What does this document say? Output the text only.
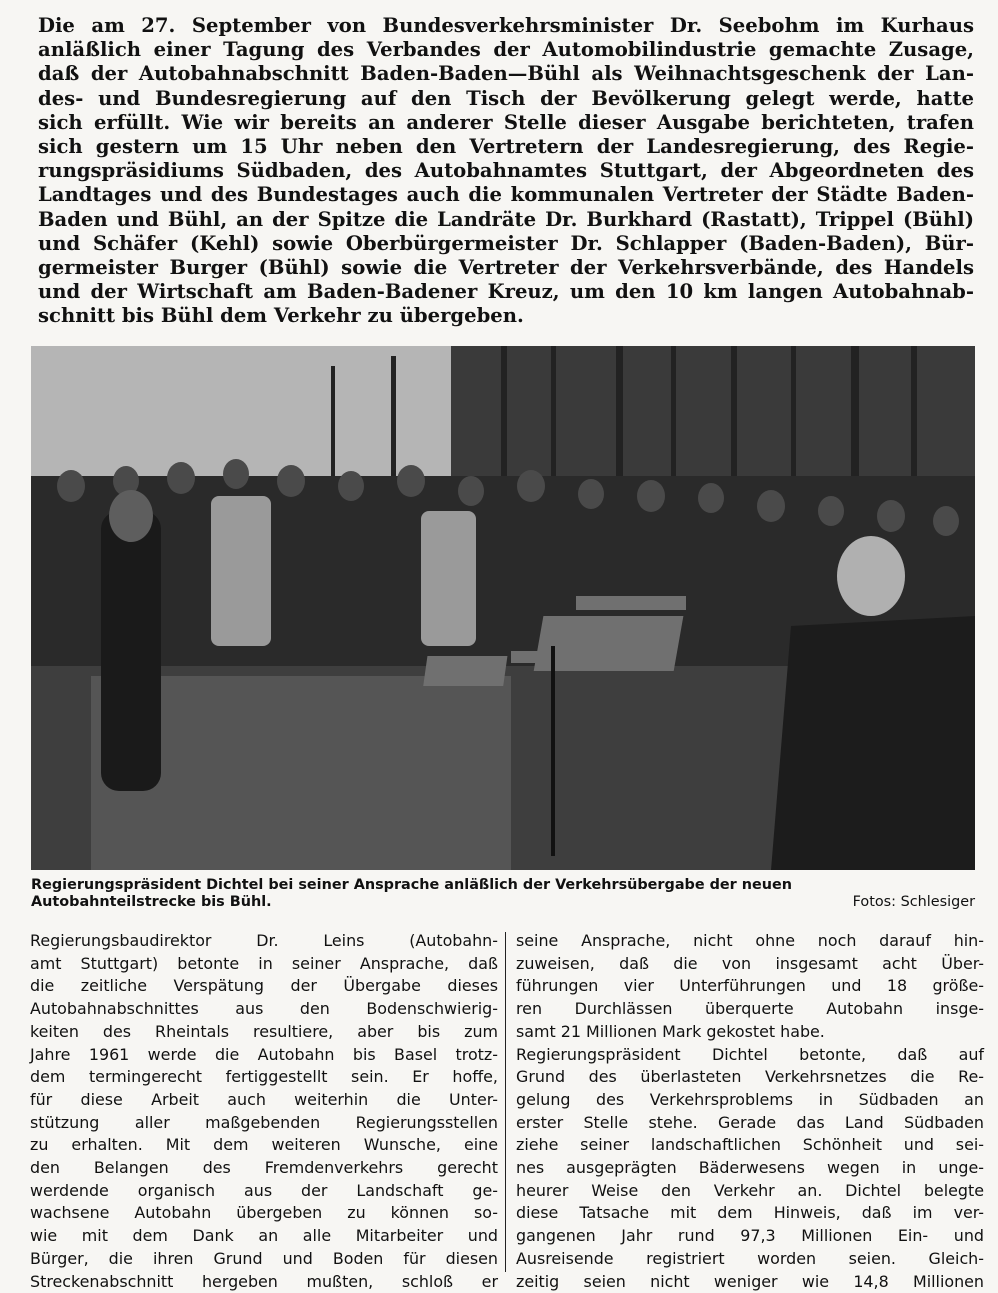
Die am 27. September von Bundesverkehrsminister Dr. Seebohm im Kurhaus
anläßlich einer Tagung des Verbandes der Automobilindustrie gemachte Zusage,
daß der Autobahnabschnitt Baden-Baden—Bühl als Weihnachtsgeschenk der Lan-
des- und Bundesregierung auf den Tisch der Bevölkerung gelegt werde, hatte
sich erfüllt. Wie wir bereits an anderer Stelle dieser Ausgabe berichteten, trafen
sich gestern um 15 Uhr neben den Vertretern der Landesregierung, des Regie-
rungspräsidiums Südbaden, des Autobahnamtes Stuttgart, der Abgeordneten des
Landtages und des Bundestages auch die kommunalen Vertreter der Städte Baden-
Baden und Bühl, an der Spitze die Landräte Dr. Burkhard (Rastatt), Trippel (Bühl)
und Schäfer (Kehl) sowie Oberbürgermeister Dr. Schlapper (Baden-Baden), Bür-
germeister Burger (Bühl) sowie die Vertreter der Verkehrsverbände, des Handels
und der Wirtschaft am Baden-Badener Kreuz, um den 10 km langen Autobahnab-
schnitt bis Bühl dem Verkehr zu übergeben.
Regierungspräsident Dichtel bei seiner Ansprache anläßlich der Verkehrsübergabe der neuen
Autobahnteilstrecke bis Bühl.	Fotos: Schlesiger
Regierungsbaudirektor Dr. Leins (Autobahn-
amt Stuttgart) betonte in seiner Ansprache, daß
die zeitliche Verspätung der Übergabe dieses
Autobahnabschnittes aus den Bodenschwierig-
keiten des Rheintals resultiere, aber bis zum
Jahre 1961 werde die Autobahn bis Basel trotz-
dem termingerecht fertiggestellt sein. Er hoffe,
für diese Arbeit auch weiterhin die Unter-
stützung aller maßgebenden Regierungsstellen
zu erhalten. Mit dem weiteren Wunsche, eine
den Belangen des Fremdenverkehrs gerecht
werdende organisch aus der Landschaft ge-
wachsene Autobahn übergeben zu können so-
wie mit dem Dank an alle Mitarbeiter und
Bürger, die ihren Grund und Boden für diesen
Streckenabschnitt hergeben mußten, schloß er
seine Ansprache, nicht ohne noch darauf hin-
zuweisen, daß die von insgesamt acht Über-
führungen vier Unterführungen und 18 größe-
ren Durchlässen überquerte Autobahn insge-
samt 21 Millionen Mark gekostet habe.
Regierungspräsident Dichtel betonte, daß auf
Grund des überlasteten Verkehrsnetzes die Re-
gelung des Verkehrsproblems in Südbaden an
erster Stelle stehe. Gerade das Land Südbaden
ziehe seiner landschaftlichen Schönheit und sei-
nes ausgeprägten Bäderwesens wegen in unge-
heurer Weise den Verkehr an. Dichtel belegte
diese Tatsache mit dem Hinweis, daß im ver-
gangenen Jahr rund 97,3 Millionen Ein- und
Ausreisende registriert worden seien. Gleich-
zeitig seien nicht weniger wie 14,8 Millionen
